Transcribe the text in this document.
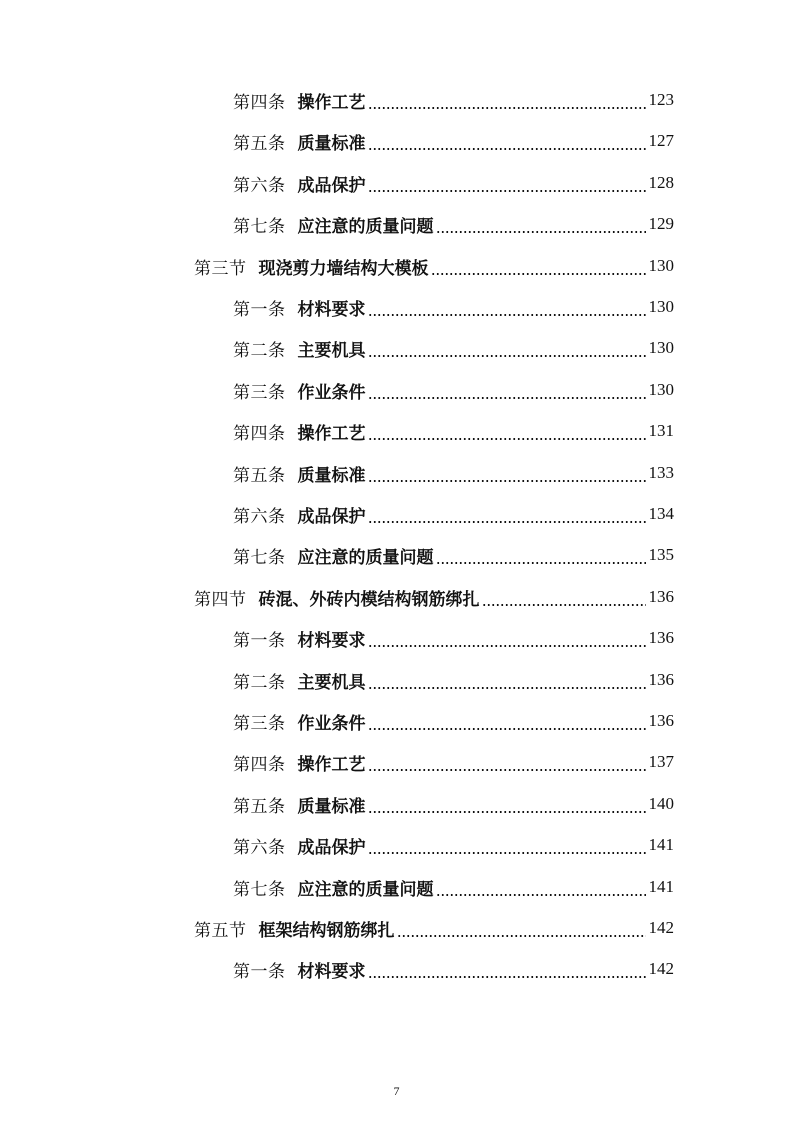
第四条 操作工艺	123
第五条 质量标准	127
第六条 成品保护	128
第七条 应注意的质量问题	129
第三节 现浇剪力墙结构大模板	130
第一条 材料要求	130
第二条 主要机具	130
第三条 作业条件	130
第四条 操作工艺	131
第五条 质量标准	133
第六条 成品保护	134
第七条 应注意的质量问题	135
第四节 砖混、外砖内模结构钢筋绑扎	136
第一条 材料要求	136
第二条 主要机具	136
第三条 作业条件	136
第四条 操作工艺	137
第五条 质量标准	140
第六条 成品保护	141
第七条 应注意的质量问题	141
第五节 框架结构钢筋绑扎	142
第一条 材料要求	142
7
